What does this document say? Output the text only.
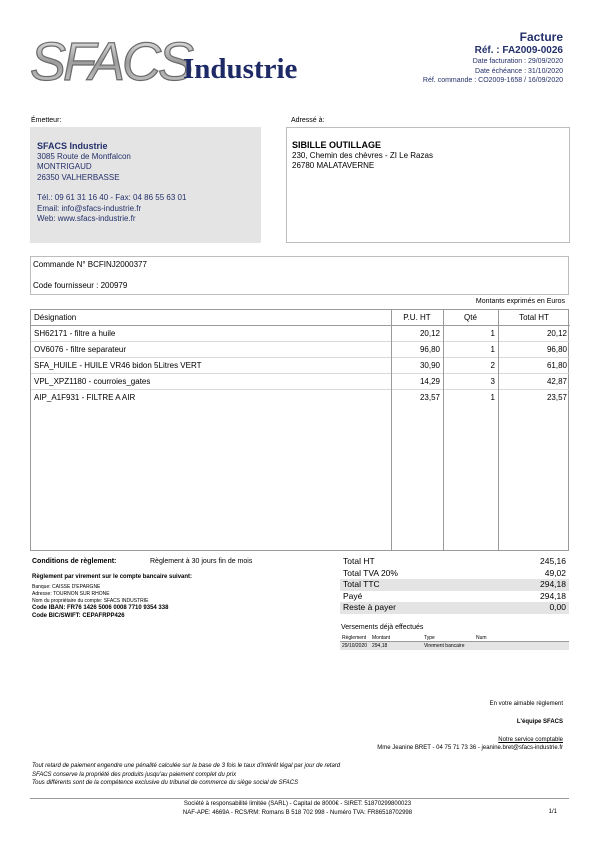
SFACS
Industrie
Facture
Réf. : FA2009-0026
Date facturation : 29/09/2020
Date échéance : 31/10/2020
Réf. commande : CO2009-1658 / 16/09/2020
Émetteur:
SFACS Industrie
3085 Route de Montfalcon
MONTRIGAUD
26350 VALHERBASSE
Tél.: 09 61 31 16 40 - Fax: 04 86 55 63 01
Email: info@sfacs-industrie.fr
Web: www.sfacs-industrie.fr
Adressé à:
SIBILLE OUTILLAGE
230, Chemin des chèvres - ZI Le Razas
26780 MALATAVERNE
Commande N° BCFINJ2000377
Code fournisseur : 200979
Montants exprimés en Euros
Désignation	P.U. HT	Qté	Total HT
SH62171 - filtre a huile	20,12	1	20,12
OV6076 - filtre separateur	96,80	1	96,80
SFA_HUILE - HUILE VR46 bidon 5Litres VERT	30,90	2	61,80
VPL_XPZ1180 - courroies_gates	14,29	3	42,87
AIP_A1F931 - FILTRE A AIR	23,57	1	23,57
Conditions de règlement:	Règlement à 30 jours fin de mois
Règlement par virement sur le compte bancaire suivant:
Banque: CAISSE D'EPARGNE
Adresse: TOURNON SUR RHONE
Nom du propriétaire du compte: SFACS INDUSTRIE
Code IBAN: FR76 1426 5006 0008 7710 9354 338
Code BIC/SWIFT: CEPAFRPP426
Total HT	245,16
Total TVA 20%	49,02
Total TTC	294,18
Payé	294,18
Reste à payer	0,00
Versements déjà effectués
Règlement	Montant	Type	Num
29/10/2020 294,18	Virement bancaire
En votre aimable règlement
L'équipe SFACS
Notre service comptable
Mme Jeanine BRET - 04 75 71 73 36 - jeanine.bret@sfacs-industrie.fr
Tout retard de paiement engendre une pénalité calculée sur la base de 3 fois le taux d'intérêt légal par jour de retard
SFACS conserve la propriété des produits jusqu'au paiement complet du prix
Tous différents sont de la compétence exclusive du tribunal de commerce du siège social de SFACS
Société à responsabilité limitée (SARL) - Capital de 8000€ - SIRET: 51870299800023
NAF-APE: 4669A - RCS/RM: Romans B 518 702 998 - Numéro TVA: FR86518702998	1/1
